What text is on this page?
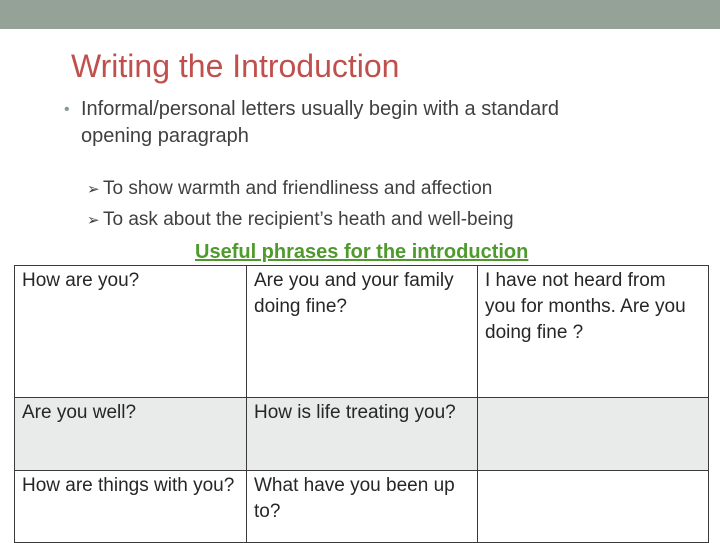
Writing the Introduction
• Informal/personal letters usually begin with a standard opening paragraph
➢ To show warmth and friendliness and affection
➢ To ask about the recipient’s heath and well-being
Useful phrases for the introduction
How are you?	Are you and your family doing fine?	I have not heard from you for months. Are you doing fine ?
Are you well?	How is life treating you?	
How are things with you?	What have you been up to?	
